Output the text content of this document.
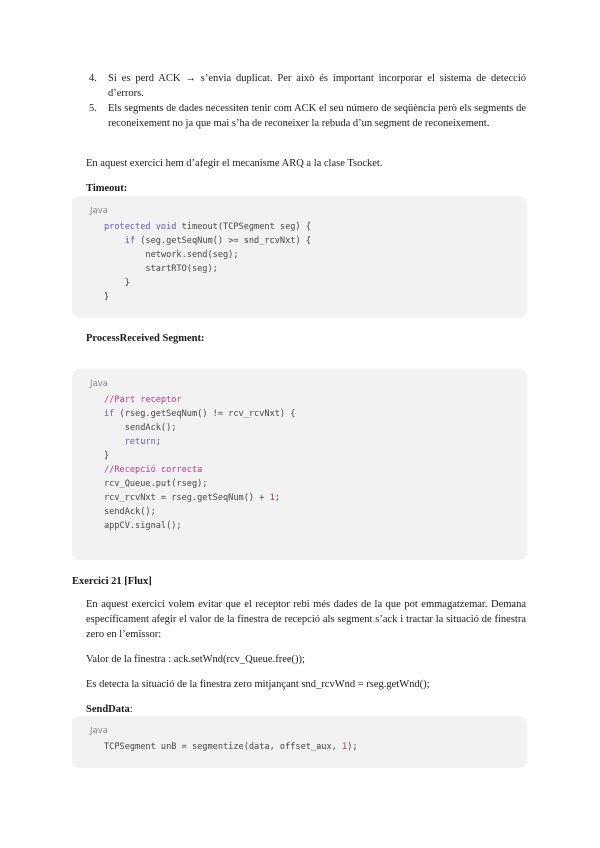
4. Si es perd ACK → s’envia duplicat. Per això és important incorporar el sistema de detecció d’errors.
5. Els segments de dades necessiten tenir com ACK el seu número de seqüència però els segments de reconeixement no ja que mai s’ha de reconeixer la rebuda d’un segment de reconeixement.
En aquest exercici hem d’afegir el mecanisme ARQ a la clase Tsocket.
Timeout:
Java
protected void timeout(TCPSegment seg) {
if (seg.getSeqNum() >= snd_rcvNxt) {
network.send(seg);
startRTO(seg);
}
}
ProcessReceived Segment:
Java
//Part receptor
if (rseg.getSeqNum() != rcv_rcvNxt) {
sendAck();
return;
}
//Recepció correcta
rcv_Queue.put(rseg);
rcv_rcvNxt = rseg.getSeqNum() + 1;
sendAck();
appCV.signal();
Exercici 21 [Flux]
En aquest exercici volem evitar que el receptor rebi més dades de la que pot emmagatzemar. Demana específicament afegir el valor de la finestra de recepció als segment s’ack i tractar la situació de finestra zero en l’emissor:
Valor de la finestra : ack.setWnd(rcv_Queue.free());
Es detecta la situació de la finestra zero mitjançant snd_rcvWnd = rseg.getWnd();
SendData:
Java
TCPSegment unB = segmentize(data, offset_aux, 1);
